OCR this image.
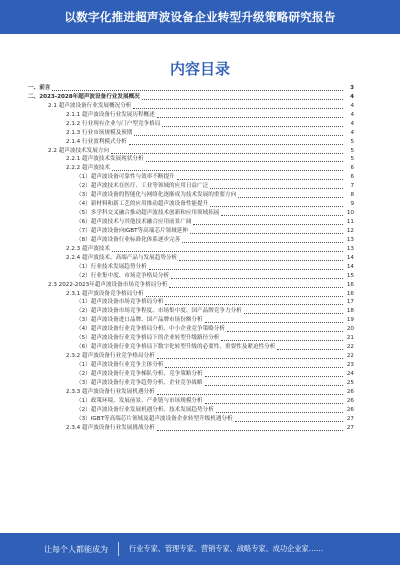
以数字化推进超声波设备企业转型升级策略研究报告
内容目录
一、前言	3
二、2023-2028年超声波设备行业发展概况	4
2.1 超声波设备行业发展概况分析	4
2.1.1 超声波设备行业发展历程概述	4
2.1.2 行业现有企业与门户型竞争格局	4
2.1.3 行业市场规模及预期	4
2.1.4 行业盈利模式分析	5
2.2 超声波技术发展方向	5
2.2.1 超声波技术发展现状分析	5
2.2.2 超声波技术	6
（1）超声波设备可靠性与效率不断提升	6
（2）超声波技术在医疗、工业等领域的应用日益广泛	7
（3）超声波设备的智能化与网络化逐渐成为技术发展的重要方向	8
（4）新材料和新工艺的应用推动超声波设备性能提升	9
（5）多学科交叉融合推动超声波技术创新和应用领域拓展	10
（6）超声波技术与其他技术融合应用前景广阔	11
（7）超声波设备向IGBT等高端芯片领域延伸	12
（8）超声波设备行业标准化体系逐步完善	13
2.2.3 超声波技术	13
2.2.4 超声波技术、高端产品与发展趋势分析	14
（1）行业技术发展趋势分析	14
（2）行业集中度、市场竞争格局分析	15
2.3 2022-2023年超声波设备市场竞争格局分析	16
2.3.1 超声波设备竞争格局分析	16
（1）超声波设备市场竞争格局分析	17
（2）超声波设备市场竞争程度、市场集中度、国产品牌竞争力分析	18
（3）超声波设备进口品牌、国产品牌市场份额分析	19
（4）超声波设备行业竞争格局分析、中小企业竞争策略分析	20
（5）超声波设备行业竞争格局下的企业转型升级路径分析	21
（6）超声波设备行业竞争格局下数字化转型升级的必要性、重要性及紧迫性分析	22
2.3.2 超声波设备行业竞争格局分析	22
（1）超声波设备行业竞争主体分析	23
（2）超声波设备行业竞争梯队分析、竞争策略分析	24
（3）超声波设备行业竞争趋势分析、企业竞争战略	25
2.3.3 超声波设备行业发展机遇分析	26
（1）政策环境、发展前景、产业链与市场规模分析	26
（2）超声波设备行业发展机遇分析、技术发展趋势分析	26
（3）IGBT等高端芯片领域及超声波设备企业转型升级机遇分析	27
2.3.4 超声波设备行业发展挑战分析	27
让每个人都能成为	行业专家、管理专家、营销专家、战略专家、成功企业家……
